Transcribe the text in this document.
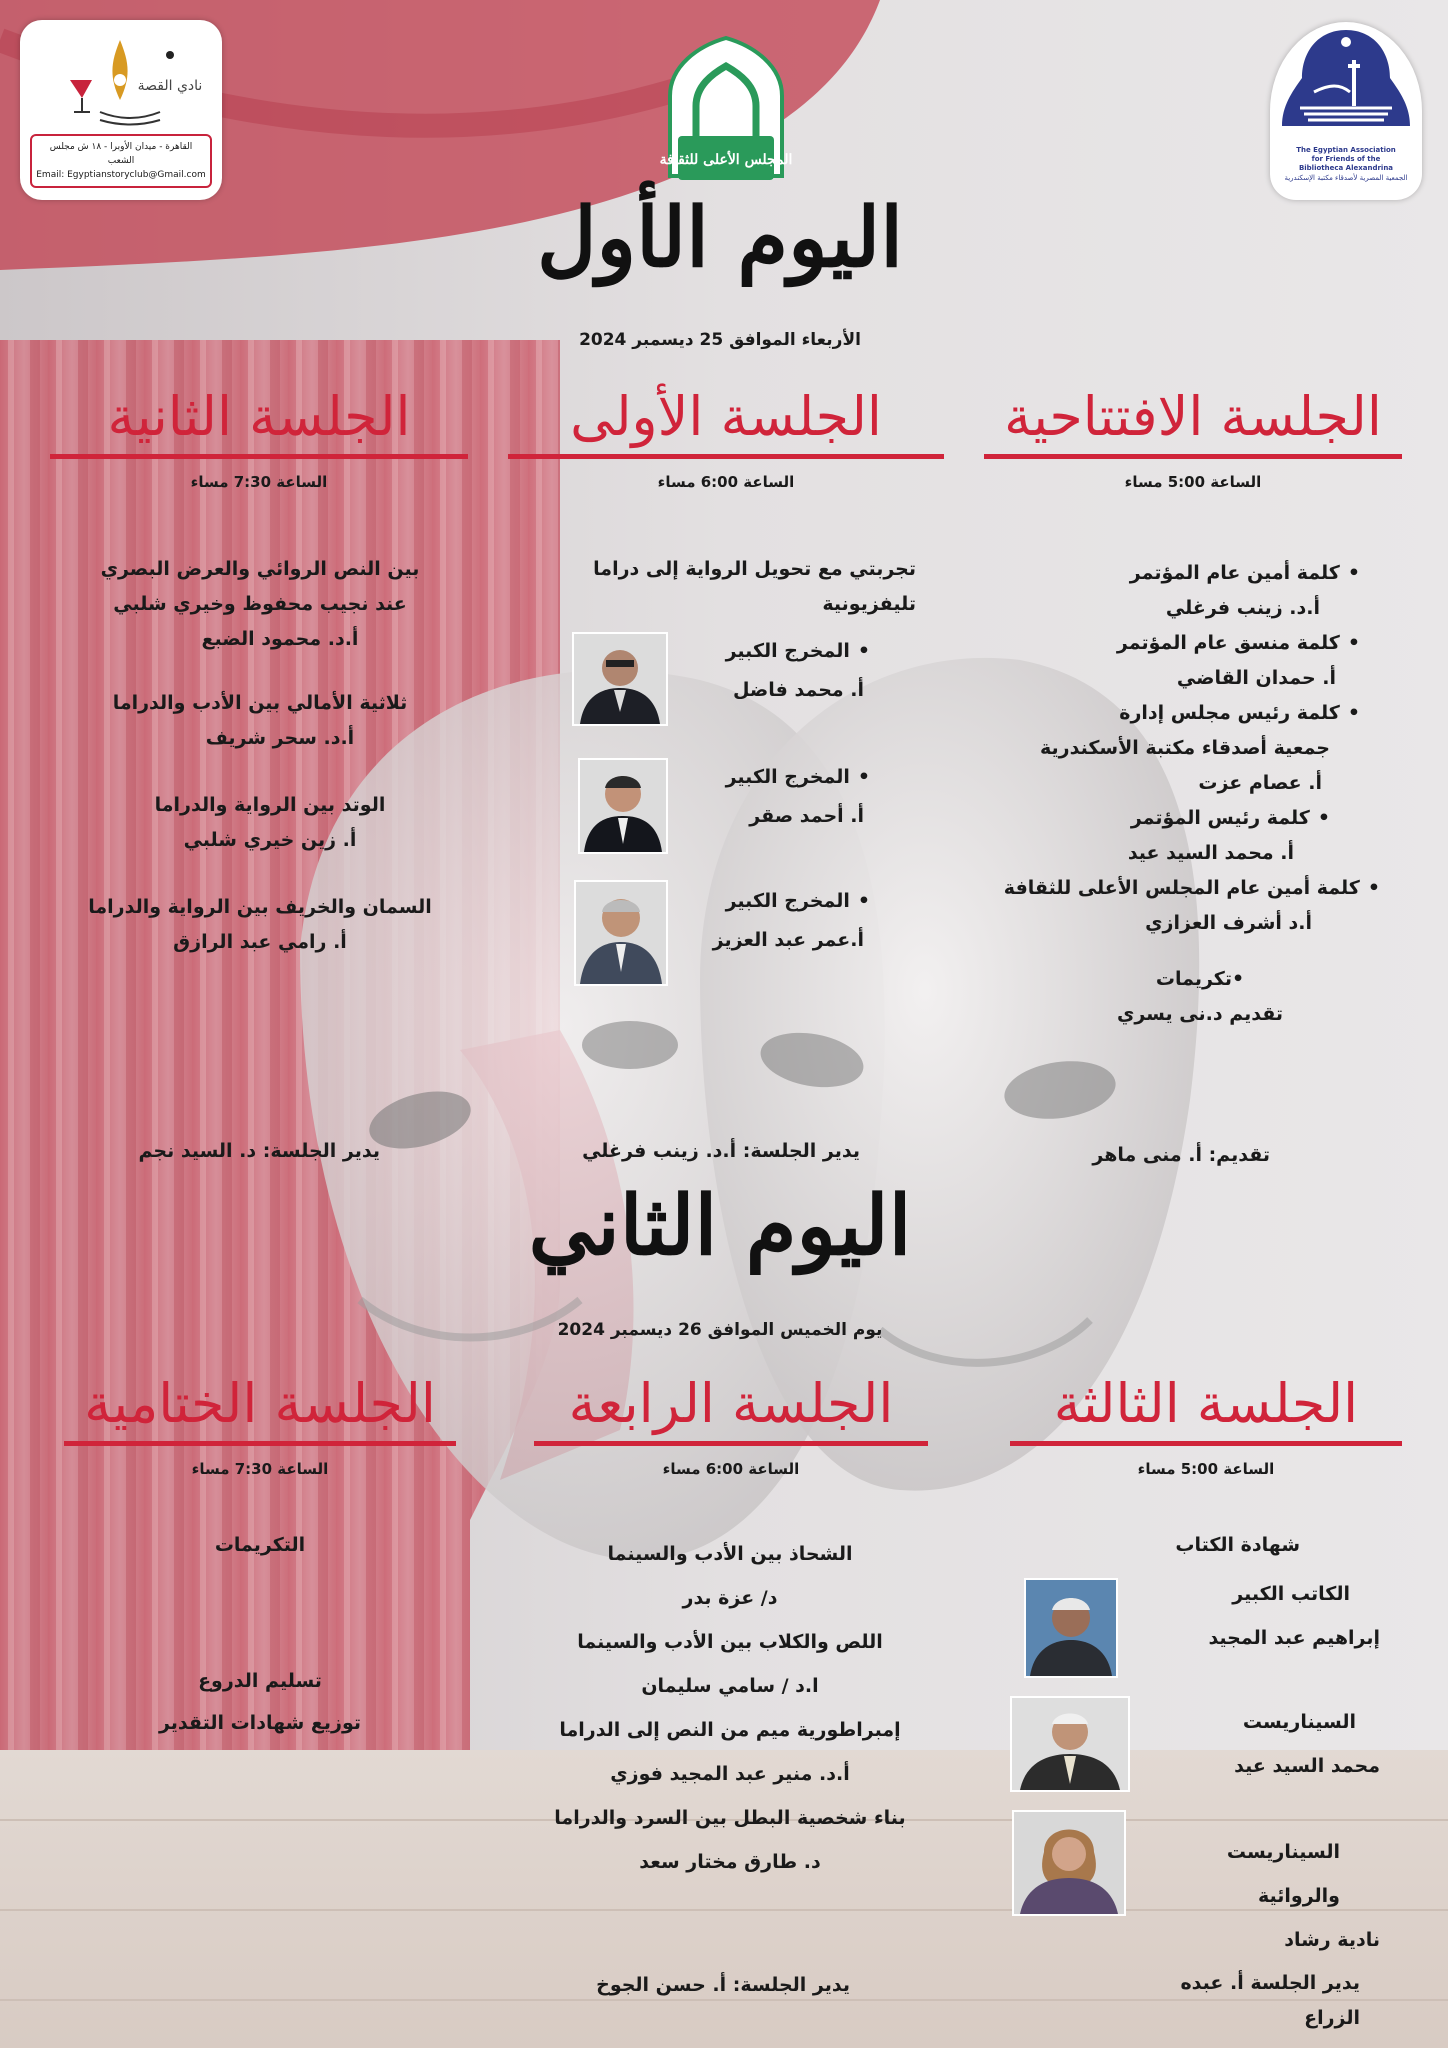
نادي القصة
القاهرة - ميدان الأوبرا - ١٨ ش مجلس الشعب
Email: Egyptianstoryclub@Gmail.com
المجلس الأعلى للثقافة
The Egyptian Association for Friends of the Bibliotheca Alexandrina
الجمعية المصرية لأصدقاء مكتبة الإسكندرية
اليوم الأول
الأربعاء الموافق 25 ديسمبر 2024
الجلسة الافتتاحية
الساعة 5:00 مساء
• كلمة أمين عام المؤتمر
أ.د. زينب فرغلي
• كلمة منسق عام المؤتمر
أ. حمدان القاضي
• كلمة رئيس مجلس إدارة
جمعية أصدقاء مكتبة الأسكندرية
أ. عصام عزت
• كلمة رئيس المؤتمر
أ. محمد السيد عيد
• كلمة أمين عام المجلس الأعلى للثقافة
أ.د أشرف العزازي
•تكريمات
تقديم د.نى يسري
تقديم: أ. منى ماهر
الجلسة الأولى
الساعة 6:00 مساء
تجربتي مع تحويل الرواية إلى دراما تليفزيونية
• المخرج الكبير
أ. محمد فاضل
• المخرج الكبير
أ. أحمد صقر
• المخرج الكبير
أ.عمر عبد العزيز
يدير الجلسة: أ.د. زينب فرغلي
الجلسة الثانية
الساعة 7:30 مساء
بين النص الروائي والعرض البصري
عند نجيب محفوظ وخيري شلبي
أ.د. محمود الضبع
ثلاثية الأمالي بين الأدب والدراما
أ.د. سحر شريف
الوتد بين الرواية والدراما
أ. زين خيري شلبي
السمان والخريف بين الرواية والدراما
أ. رامي عبد الرازق
يدير الجلسة: د. السيد نجم
اليوم الثاني
يوم الخميس الموافق 26 ديسمبر 2024
الجلسة الثالثة
الساعة 5:00 مساء
شهادة الكتاب
الكاتب الكبير
إبراهيم عبد المجيد
السيناريست
محمد السيد عيد
السيناريست والروائية
نادية رشاد
يدير الجلسة أ. عبده الزراع
الجلسة الرابعة
الساعة 6:00 مساء
الشحاذ بين الأدب والسينما
د/ عزة بدر
اللص والكلاب بين الأدب والسينما
ا.د / سامي سليمان
إمبراطورية ميم من النص إلى الدراما
أ.د. منير عبد المجيد فوزي
بناء شخصية البطل بين السرد والدراما
د. طارق مختار سعد
يدير الجلسة: أ. حسن الجوخ
الجلسة الختامية
الساعة 7:30 مساء
التكريمات
تسليم الدروع
توزيع شهادات التقدير
